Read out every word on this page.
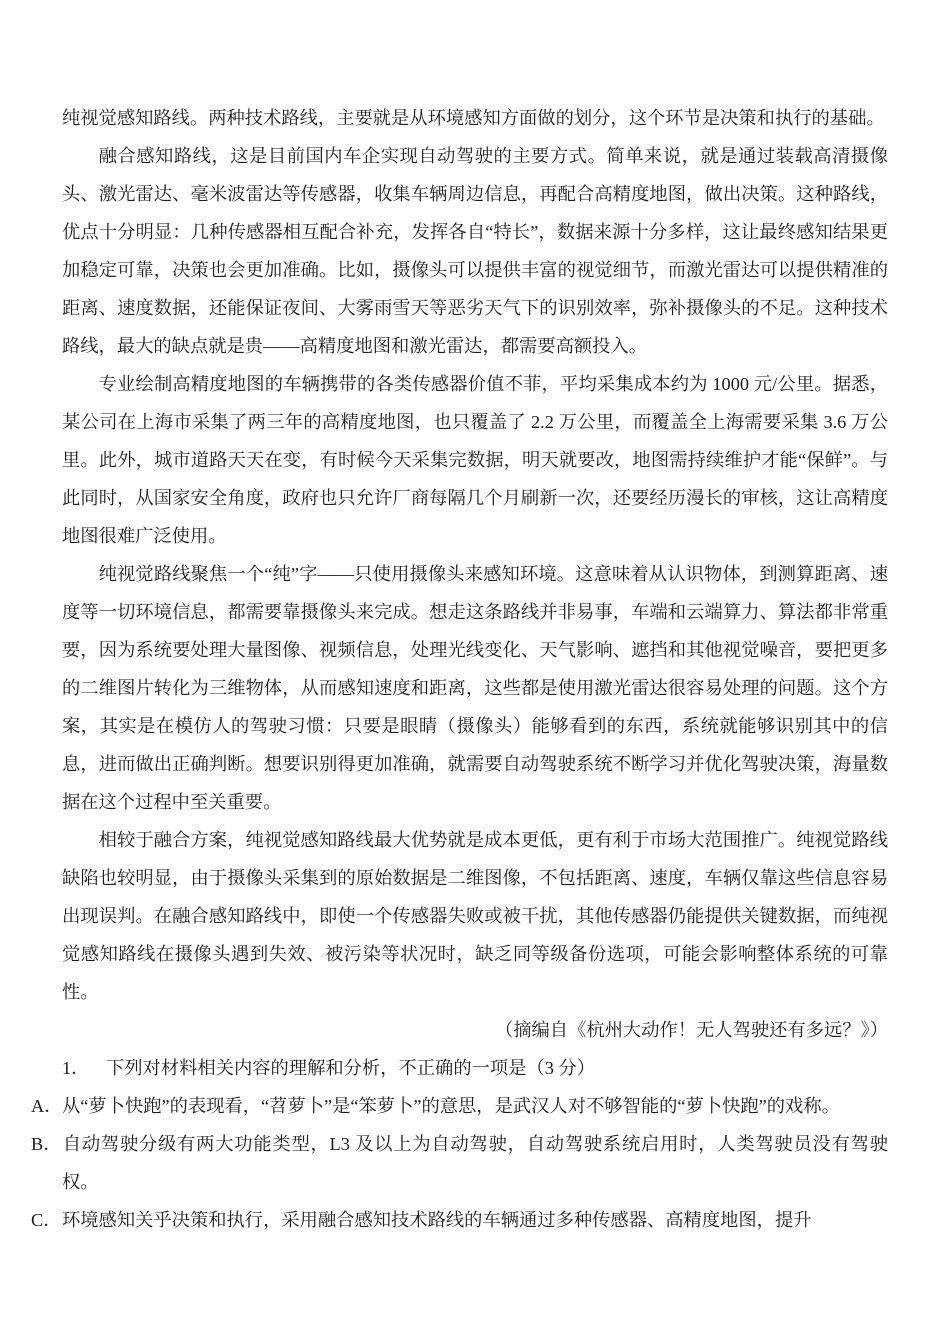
纯视觉感知路线。两种技术路线，主要就是从环境感知方面做的划分，这个环节是决策和执行的基础。

融合感知路线，这是目前国内车企实现自动驾驶的主要方式。简单来说，就是通过装载高清摄像头、激光雷达、毫米波雷达等传感器，收集车辆周边信息，再配合高精度地图，做出决策。这种路线，优点十分明显：几种传感器相互配合补充，发挥各自“特长”，数据来源十分多样，这让最终感知结果更加稳定可靠，决策也会更加准确。比如，摄像头可以提供丰富的视觉细节，而激光雷达可以提供精准的距离、速度数据，还能保证夜间、大雾雨雪天等恶劣天气下的识别效率，弥补摄像头的不足。这种技术路线，最大的缺点就是贵——高精度地图和激光雷达，都需要高额投入。

专业绘制高精度地图的车辆携带的各类传感器价值不菲，平均采集成本约为 1000 元/公里。据悉，某公司在上海市采集了两三年的高精度地图，也只覆盖了 2.2 万公里，而覆盖全上海需要采集 3.6 万公里。此外，城市道路天天在变，有时候今天采集完数据，明天就要改，地图需持续维护才能“保鲜”。与此同时，从国家安全角度，政府也只允许厂商每隔几个月刷新一次，还要经历漫长的审核，这让高精度地图很难广泛使用。

纯视觉路线聚焦一个“纯”字——只使用摄像头来感知环境。这意味着从认识物体，到测算距离、速度等一切环境信息，都需要靠摄像头来完成。想走这条路线并非易事，车端和云端算力、算法都非常重要，因为系统要处理大量图像、视频信息，处理光线变化、天气影响、遮挡和其他视觉噪音，要把更多的二维图片转化为三维物体，从而感知速度和距离，这些都是使用激光雷达很容易处理的问题。这个方案，其实是在模仿人的驾驶习惯：只要是眼睛（摄像头）能够看到的东西，系统就能够识别其中的信息，进而做出正确判断。想要识别得更加准确，就需要自动驾驶系统不断学习并优化驾驶决策，海量数据在这个过程中至关重要。

相较于融合方案，纯视觉感知路线最大优势就是成本更低，更有利于市场大范围推广。纯视觉路线缺陷也较明显，由于摄像头采集到的原始数据是二维图像，不包括距离、速度，车辆仅靠这些信息容易出现误判。在融合感知路线中，即使一个传感器失败或被干扰，其他传感器仍能提供关键数据，而纯视觉感知路线在摄像头遇到失效、被污染等状况时，缺乏同等级备份选项，可能会影响整体系统的可靠性。

（摘编自《杭州大动作！无人驾驶还有多远？》）

1． 下列对材料相关内容的理解和分析，不正确的一项是（3 分）

A．从“萝卜快跑”的表现看，“苕萝卜”是“笨萝卜”的意思，是武汉人对不够智能的“萝卜快跑”的戏称。

B．自动驾驶分级有两大功能类型，L3 及以上为自动驾驶，自动驾驶系统启用时，人类驾驶员没有驾驶权。

C．环境感知关乎决策和执行，采用融合感知技术路线的车辆通过多种传感器、高精度地图，提升
